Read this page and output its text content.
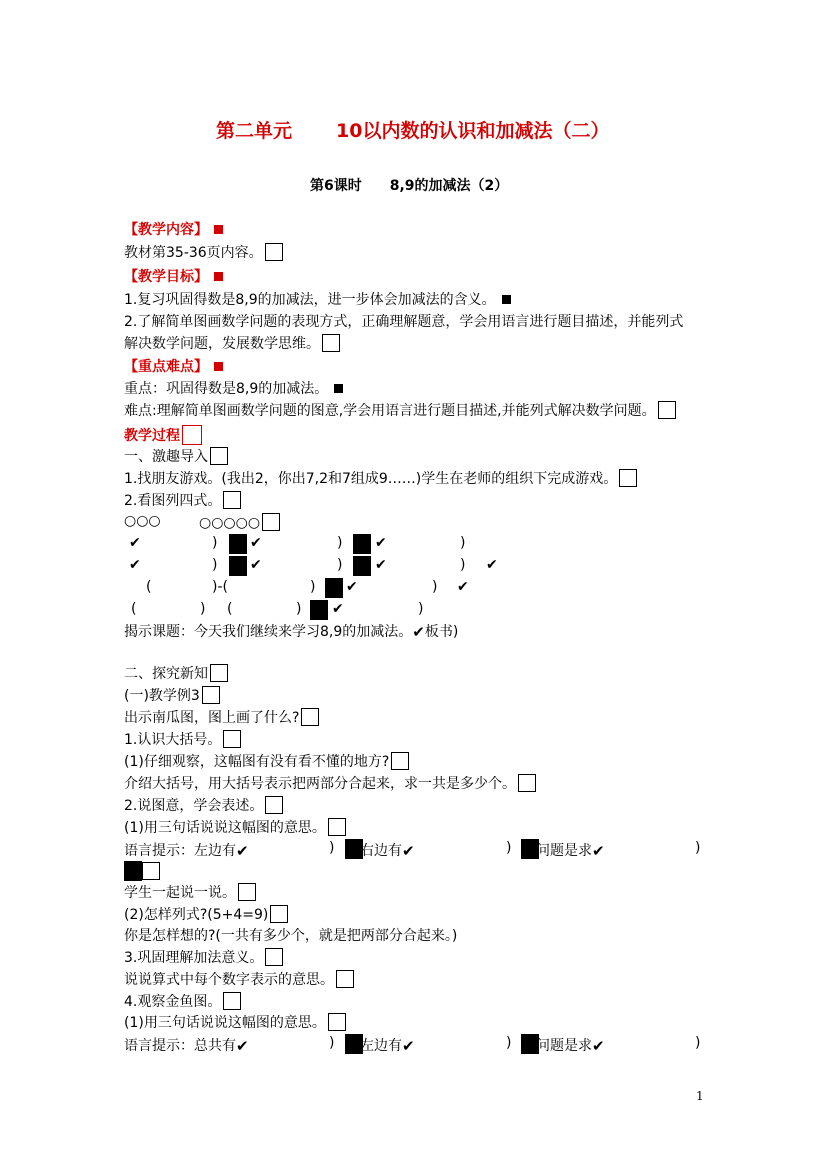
第二单元 10以内数的认识和加减法（二）
第6课时 8,9的加减法（2）
【教学内容】
教材第35-36页内容。
【教学目标】
1.复习巩固得数是8,9的加减法，进一步体会加减法的含义。
2.了解简单图画数学问题的表现方式，正确理解题意，学会用语言进行题目描述，并能列式
解决数学问题，发展数学思维。
【重点难点】
重点：巩固得数是8,9的加减法。
难点:理解简单图画数学问题的图意,学会用语言进行题目描述,并能列式解决数学问题。
教学过程
一、激趣导入
1.找朋友游戏。(我出2，你出7,2和7组成9……)学生在老师的组织下完成游戏。
2.看图列四式。
○○○	○○○○○
✔	) ✔	) ✔	)
✔	) ✔	) ✔	) ✔
(	)-(	) ✔	) ✔
(	) (	) ✔	)
揭示课题：今天我们继续来学习8,9的加减法。✔板书)
二、探究新知
(一)教学例3
出示南瓜图，图上画了什么?
1.认识大括号。
(1)仔细观察，这幅图有没有看不懂的地方?
介绍大括号，用大括号表示把两部分合起来，求一共是多少个。
2.说图意，学会表述。
(1)用三句话说说这幅图的意思。
语言提示：左边有✔	) 右边有✔	) 问题是求✔	)
学生一起说一说。
(2)怎样列式?(5+4=9)
你是怎样想的?(一共有多少个，就是把两部分合起来。)
3.巩固理解加法意义。
说说算式中每个数字表示的意思。
4.观察金鱼图。
(1)用三句话说说这幅图的意思。
语言提示：总共有✔	) 左边有✔	) 问题是求✔	)
1
